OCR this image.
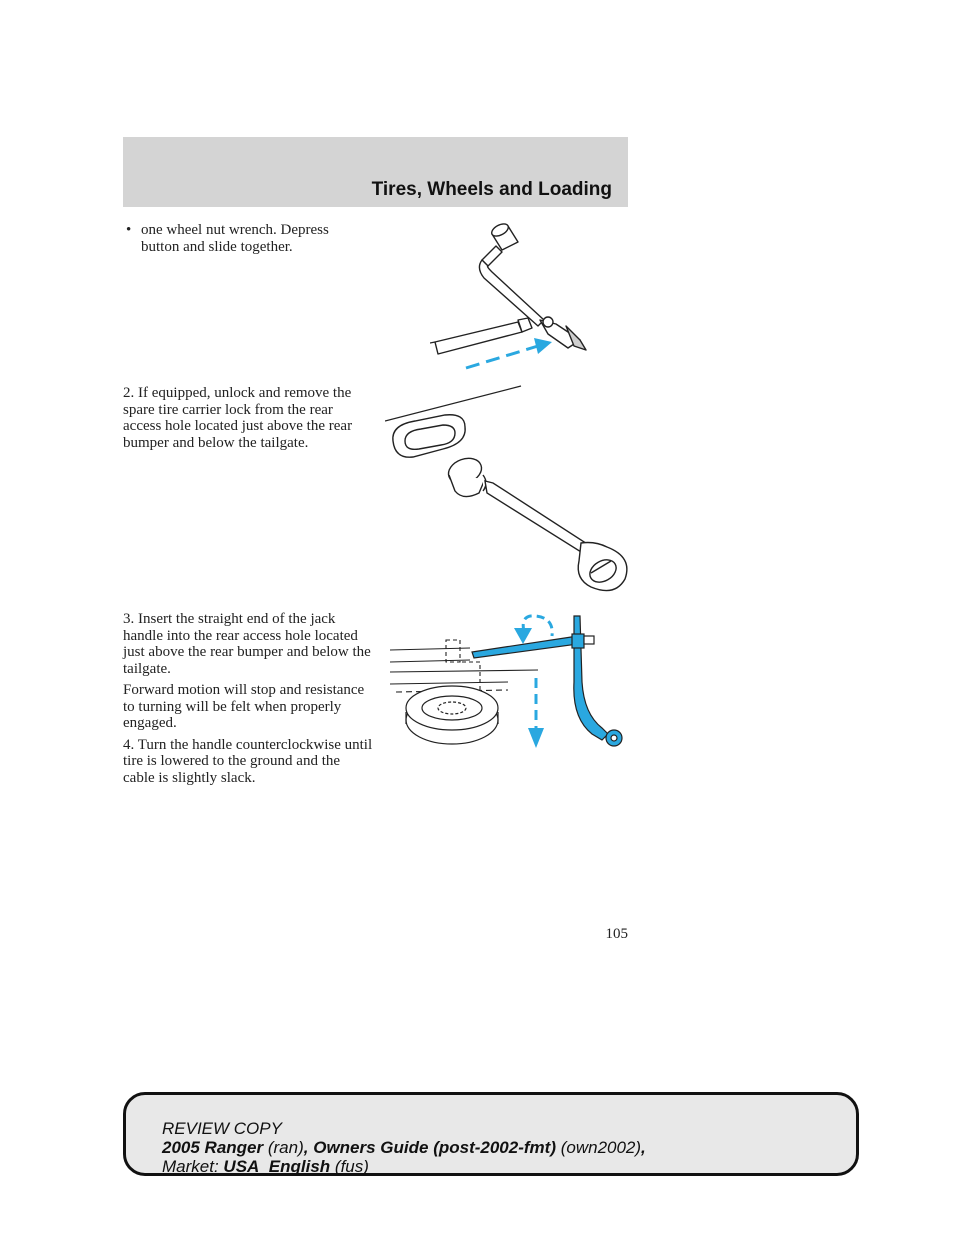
Tires, Wheels and Loading

• one wheel nut wrench. Depress button and slide together.

2. If equipped, unlock and remove the spare tire carrier lock from the rear access hole located just above the rear bumper and below the tailgate.

3. Insert the straight end of the jack handle into the rear access hole located just above the rear bumper and below the tailgate.

Forward motion will stop and resistance to turning will be felt when properly engaged.

4. Turn the handle counterclockwise until tire is lowered to the ground and the cable is slightly slack.

105
REVIEW COPY
2005 Ranger (ran), Owners Guide (post-2002-fmt) (own2002),
Market: USA_English (fus)
